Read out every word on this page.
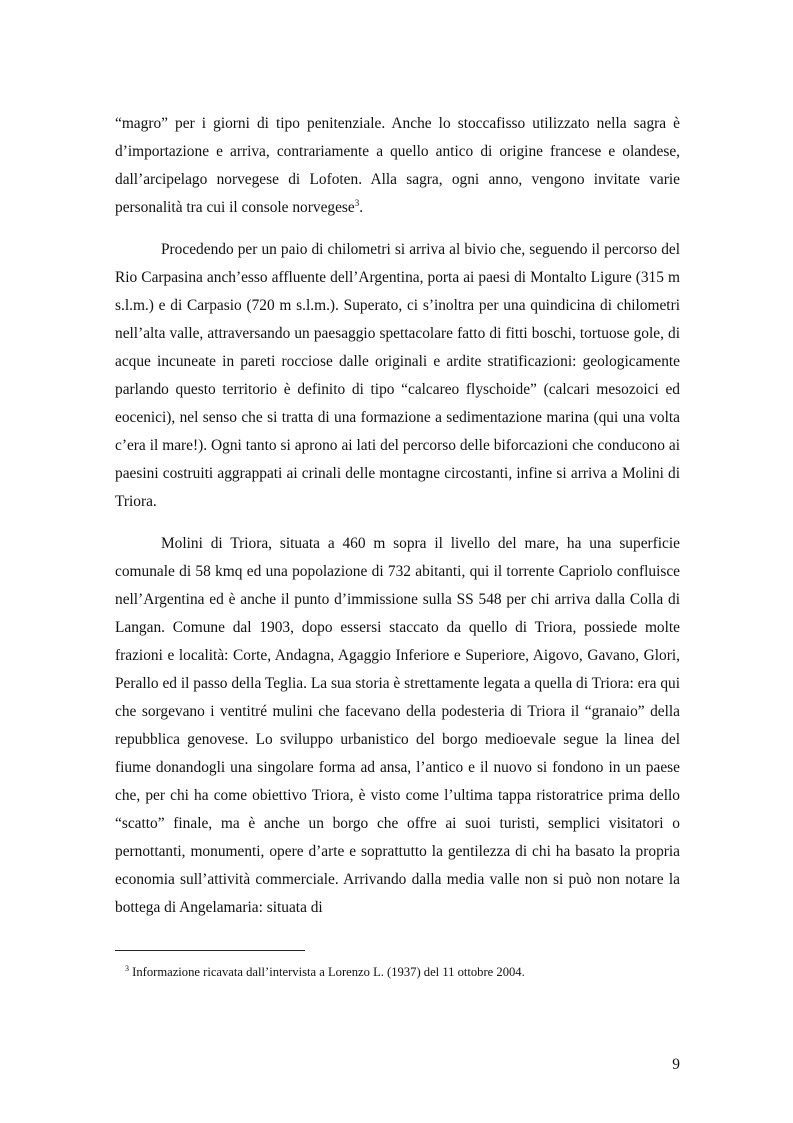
“magro” per i giorni di tipo penitenziale. Anche lo stoccafisso utilizzato nella sagra è d’importazione e arriva, contrariamente a quello antico di origine francese e olandese, dall’arcipelago norvegese di Lofoten. Alla sagra, ogni anno, vengono invitate varie personalità tra cui il console norvegese$^3$.

Procedendo per un paio di chilometri si arriva al bivio che, seguendo il percorso del Rio Carpasina anch’esso affluente dell’Argentina, porta ai paesi di Montalto Ligure (315 m s.l.m.) e di Carpasio (720 m s.l.m.). Superato, ci s’inoltra per una quindicina di chilometri nell’alta valle, attraversando un paesaggio spettacolare fatto di fitti boschi, tortuose gole, di acque incuneate in pareti rocciose dalle originali e ardite stratificazioni: geologicamente parlando questo territorio è definito di tipo “calcareo flyschoide” (calcari mesozoici ed eocenici), nel senso che si tratta di una formazione a sedimentazione marina (qui una volta c’era il mare!). Ogni tanto si aprono ai lati del percorso delle biforcazioni che conducono ai paesini costruiti aggrappati ai crinali delle montagne circostanti, infine si arriva a Molini di Triora.

Molini di Triora, situata a 460 m sopra il livello del mare, ha una superficie comunale di 58 kmq ed una popolazione di 732 abitanti, qui il torrente Capriolo confluisce nell’Argentina ed è anche il punto d’immissione sulla SS 548 per chi arriva dalla Colla di Langan. Comune dal 1903, dopo essersi staccato da quello di Triora, possiede molte frazioni e località: Corte, Andagna, Agaggio Inferiore e Superiore, Aigovo, Gavano, Glori, Perallo ed il passo della Teglia. La sua storia è strettamente legata a quella di Triora: era qui che sorgevano i ventitré mulini che facevano della podesteria di Triora il “granaio” della repubblica genovese. Lo sviluppo urbanistico del borgo medioevale segue la linea del fiume donandogli una singolare forma ad ansa, l’antico e il nuovo si fondono in un paese che, per chi ha come obiettivo Triora, è visto come l’ultima tappa ristoratrice prima dello “scatto” finale, ma è anche un borgo che offre ai suoi turisti, semplici visitatori o pernottanti, monumenti, opere d’arte e soprattutto la gentilezza di chi ha basato la propria economia sull’attività commerciale. Arrivando dalla media valle non si può non notare la bottega di Angelamaria: situata di

$^3$ Informazione ricavata dall’intervista a Lorenzo L. (1937) del 11 ottobre 2004.

9
